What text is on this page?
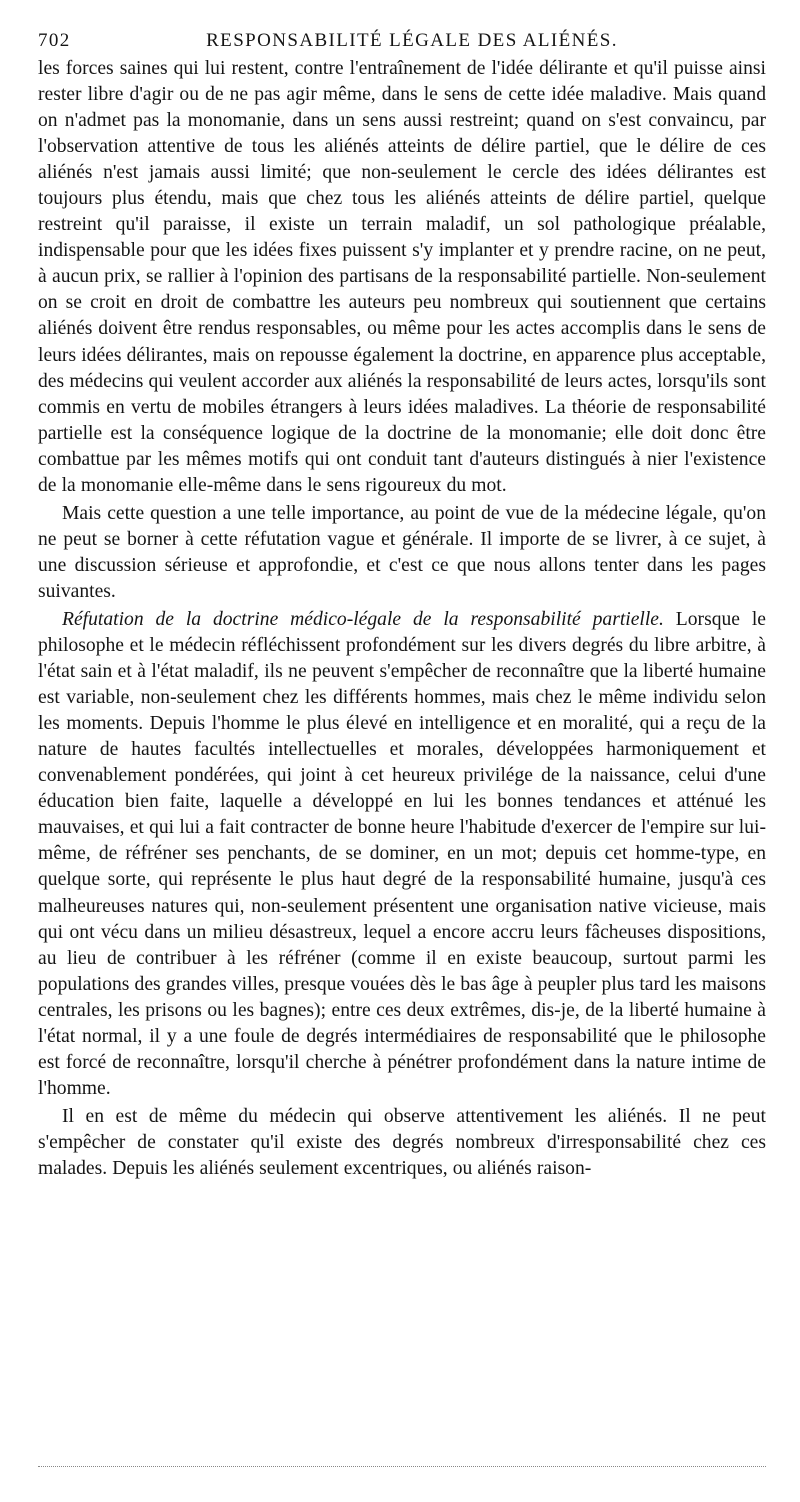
702	RESPONSABILITÉ LÉGALE DES ALIÉNÉS.

les forces saines qui lui restent, contre l'entraînement de l'idée délirante et qu'il puisse ainsi rester libre d'agir ou de ne pas agir même, dans le sens de cette idée maladive. Mais quand on n'admet pas la monomanie, dans un sens aussi restreint; quand on s'est convaincu, par l'observation attentive de tous les aliénés atteints de délire partiel, que le délire de ces aliénés n'est jamais aussi limité; que non-seulement le cercle des idées délirantes est toujours plus étendu, mais que chez tous les aliénés atteints de délire partiel, quelque restreint qu'il paraisse, il existe un terrain maladif, un sol pathologique préalable, indispensable pour que les idées fixes puissent s'y implanter et y prendre racine, on ne peut, à aucun prix, se rallier à l'opinion des partisans de la responsabilité partielle. Non-seulement on se croit en droit de combattre les auteurs peu nombreux qui soutiennent que certains aliénés doivent être rendus responsables, ou même pour les actes accomplis dans le sens de leurs idées délirantes, mais on repousse également la doctrine, en apparence plus acceptable, des médecins qui veulent accorder aux aliénés la responsabilité de leurs actes, lorsqu'ils sont commis en vertu de mobiles étrangers à leurs idées maladives. La théorie de responsabilité partielle est la conséquence logique de la doctrine de la monomanie; elle doit donc être combattue par les mêmes motifs qui ont conduit tant d'auteurs distingués à nier l'existence de la monomanie elle-même dans le sens rigoureux du mot.

Mais cette question a une telle importance, au point de vue de la médecine légale, qu'on ne peut se borner à cette réfutation vague et générale. Il importe de se livrer, à ce sujet, à une discussion sérieuse et approfondie, et c'est ce que nous allons tenter dans les pages suivantes.

Réfutation de la doctrine médico-légale de la responsabilité partielle. Lorsque le philosophe et le médecin réfléchissent profondément sur les divers degrés du libre arbitre, à l'état sain et à l'état maladif, ils ne peuvent s'empêcher de reconnaître que la liberté humaine est variable, non-seulement chez les différents hommes, mais chez le même individu selon les moments. Depuis l'homme le plus élevé en intelligence et en moralité, qui a reçu de la nature de hautes facultés intellectuelles et morales, développées harmoniquement et convenablement pondérées, qui joint à cet heureux privilége de la naissance, celui d'une éducation bien faite, laquelle a développé en lui les bonnes tendances et atténué les mauvaises, et qui lui a fait contracter de bonne heure l'habitude d'exercer de l'empire sur lui-même, de réfréner ses penchants, de se dominer, en un mot; depuis cet homme-type, en quelque sorte, qui représente le plus haut degré de la responsabilité humaine, jusqu'à ces malheureuses natures qui, non-seulement présentent une organisation native vicieuse, mais qui ont vécu dans un milieu désastreux, lequel a encore accru leurs fâcheuses dispositions, au lieu de contribuer à les réfréner (comme il en existe beaucoup, surtout parmi les populations des grandes villes, presque vouées dès le bas âge à peupler plus tard les maisons centrales, les prisons ou les bagnes); entre ces deux extrêmes, dis-je, de la liberté humaine à l'état normal, il y a une foule de degrés intermédiaires de responsabilité que le philosophe est forcé de reconnaître, lorsqu'il cherche à pénétrer profondément dans la nature intime de l'homme.

Il en est de même du médecin qui observe attentivement les aliénés. Il ne peut s'empêcher de constater qu'il existe des degrés nombreux d'irresponsabilité chez ces malades. Depuis les aliénés seulement excentriques, ou aliénés raison-
